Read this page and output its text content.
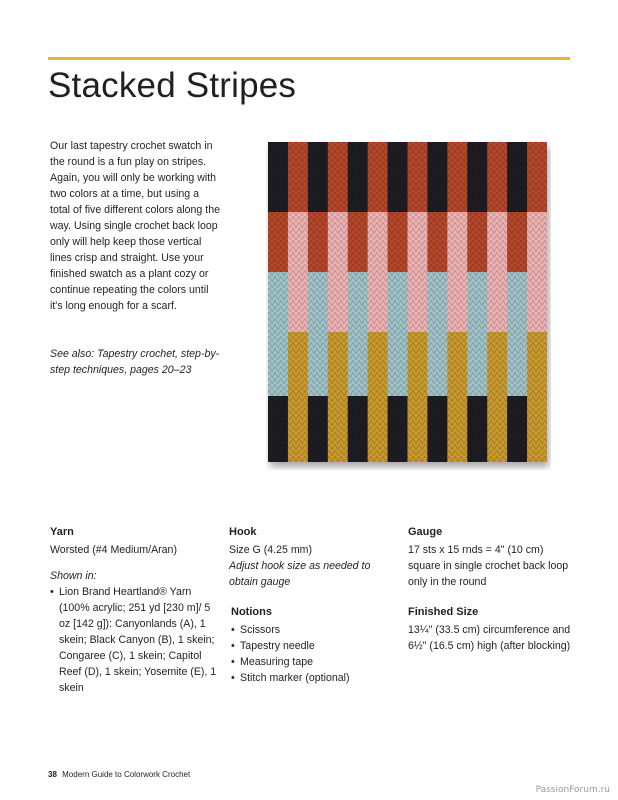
Stacked Stripes

Our last tapestry crochet swatch in the round is a fun play on stripes. Again, you will only be working with two colors at a time, but using a total of five different colors along the way. Using single crochet back loop only will help keep those vertical lines crisp and straight. Use your finished swatch as a plant cozy or continue repeating the colors until it's long enough for a scarf.

See also: Tapestry crochet, step-by-step techniques, pages 20–23

Yarn

Worsted (#4 Medium/Aran)

Shown in:

• Lion Brand Heartland® Yarn (100% acrylic; 251 yd [230 m]/ 5 oz [142 g]): Canyonlands (A), 1 skein; Black Canyon (B), 1 skein; Congaree (C), 1 skein; Capitol Reef (D), 1 skein; Yosemite (E), 1 skein
Hook

Size G (4.25 mm)

Adjust hook size as needed to obtain gauge

Notions
• Scissors
• Tapestry needle
• Measuring tape
• Stitch marker (optional)
Gauge

17 sts x 15 rnds = 4" (10 cm) square in single crochet back loop only in the round

Finished Size

13¼" (33.5 cm) circumference and 6½" (16.5 cm) high (after blocking)

38 Modern Guide to Colorwork Crochet
PassionForum.ru
